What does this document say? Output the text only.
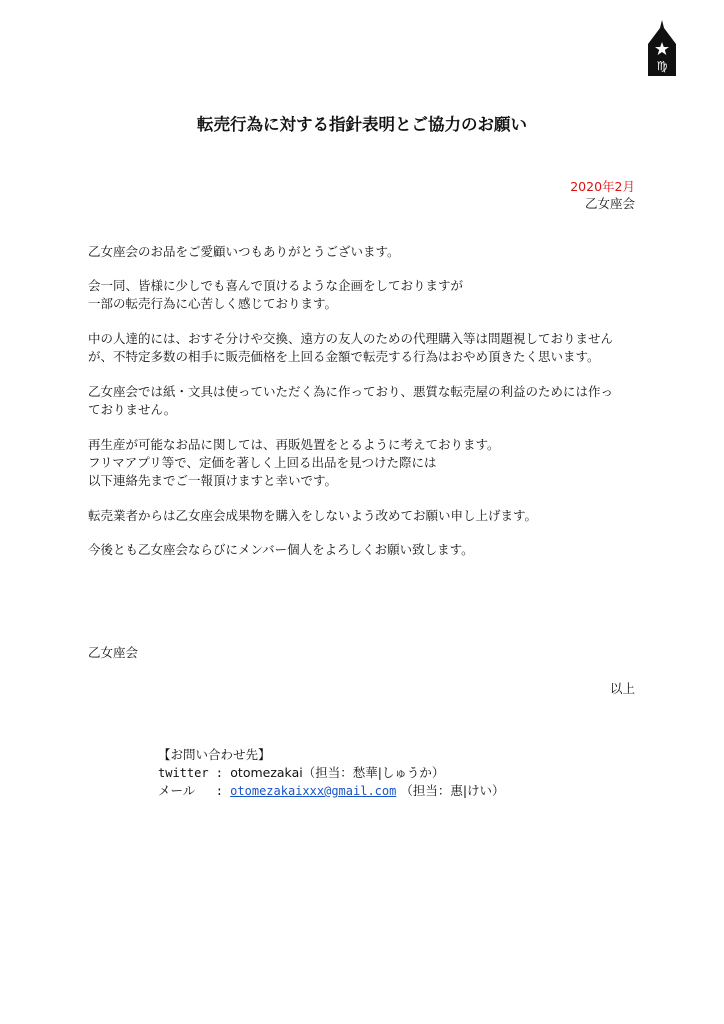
♍
転売行為に対する指針表明とご協力のお願い
2020年2月
乙女座会
乙女座会のお品をご愛顧いつもありがとうございます。
会一同、皆様に少しでも喜んで頂けるような企画をしておりますが
一部の転売行為に心苦しく感じております。
中の人達的には、おすそ分けや交換、遠方の友人のための代理購入等は問題視しておりません
が、不特定多数の相手に販売価格を上回る金額で転売する行為はおやめ頂きたく思います。
乙女座会では紙・文具は使っていただく為に作っており、悪質な転売屋の利益のためには作っ
ておりません。
再生産が可能なお品に関しては、再販処置をとるように考えております。
フリマアプリ等で、定価を著しく上回る出品を見つけた際には
以下連絡先までご一報頂けますと幸いです。
転売業者からは乙女座会成果物を購入をしないよう改めてお願い申し上げます。
今後とも乙女座会ならびにメンバー個人をよろしくお願い致します。
乙女座会
以上
【お問い合わせ先】
twitter : otomezakai（担当：愁華|しゅうか）
メール  : otomezakaixxx@gmail.com （担当：惠|けい）
